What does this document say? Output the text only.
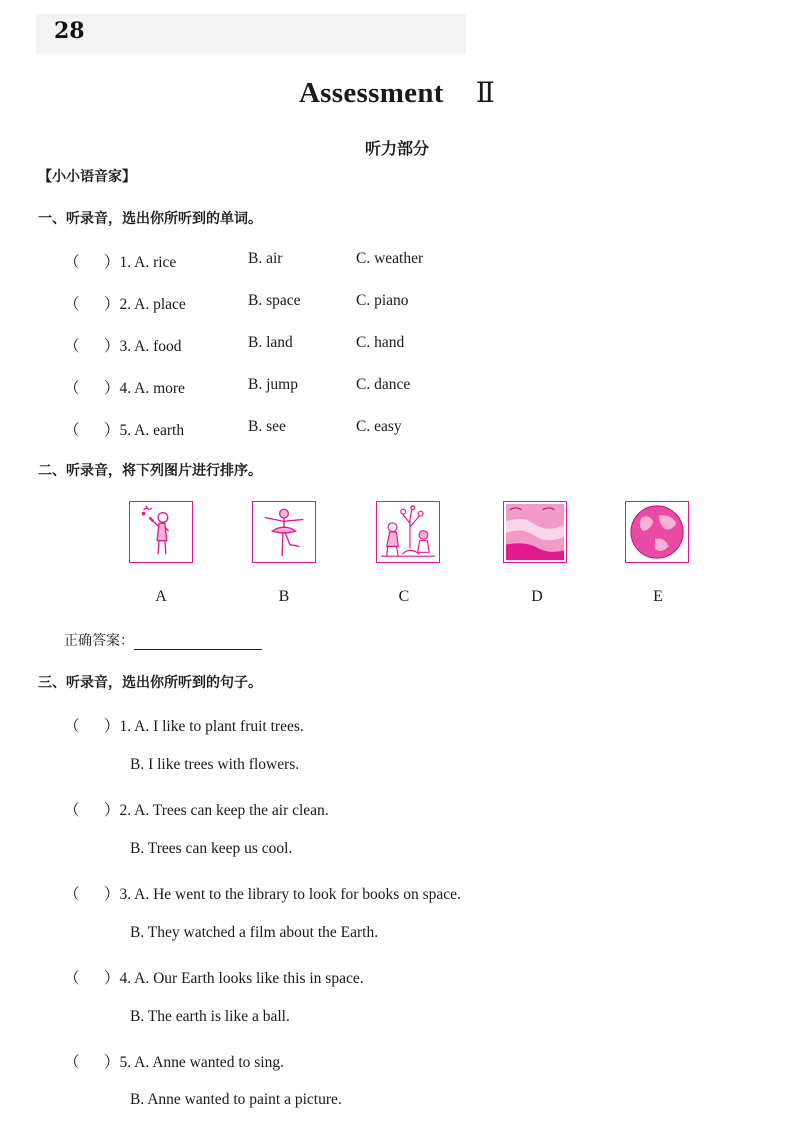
28
Assessment Ⅱ
听力部分
【小小语音家】
一、听录音，选出你所听到的单词。
（ ）1. A. rice	B. air	C. weather
（ ）2. A. place	B. space	C. piano
（ ）3. A. food	B. land	C. hand
（ ）4. A. more	B. jump	C. dance
（ ）5. A. earth	B. see	C. easy
二、听录音，将下列图片进行排序。
A	B	C	D	E
正确答案：
三、听录音，选出你所听到的句子。
（ ）1. A. I like to plant fruit trees.
B. I like trees with flowers.
（ ）2. A. Trees can keep the air clean.
B. Trees can keep us cool.
（ ）3. A. He went to the library to look for books on space.
B. They watched a film about the Earth.
（ ）4. A. Our Earth looks like this in space.
B. The earth is like a ball.
（ ）5. A. Anne wanted to sing.
B. Anne wanted to paint a picture.
